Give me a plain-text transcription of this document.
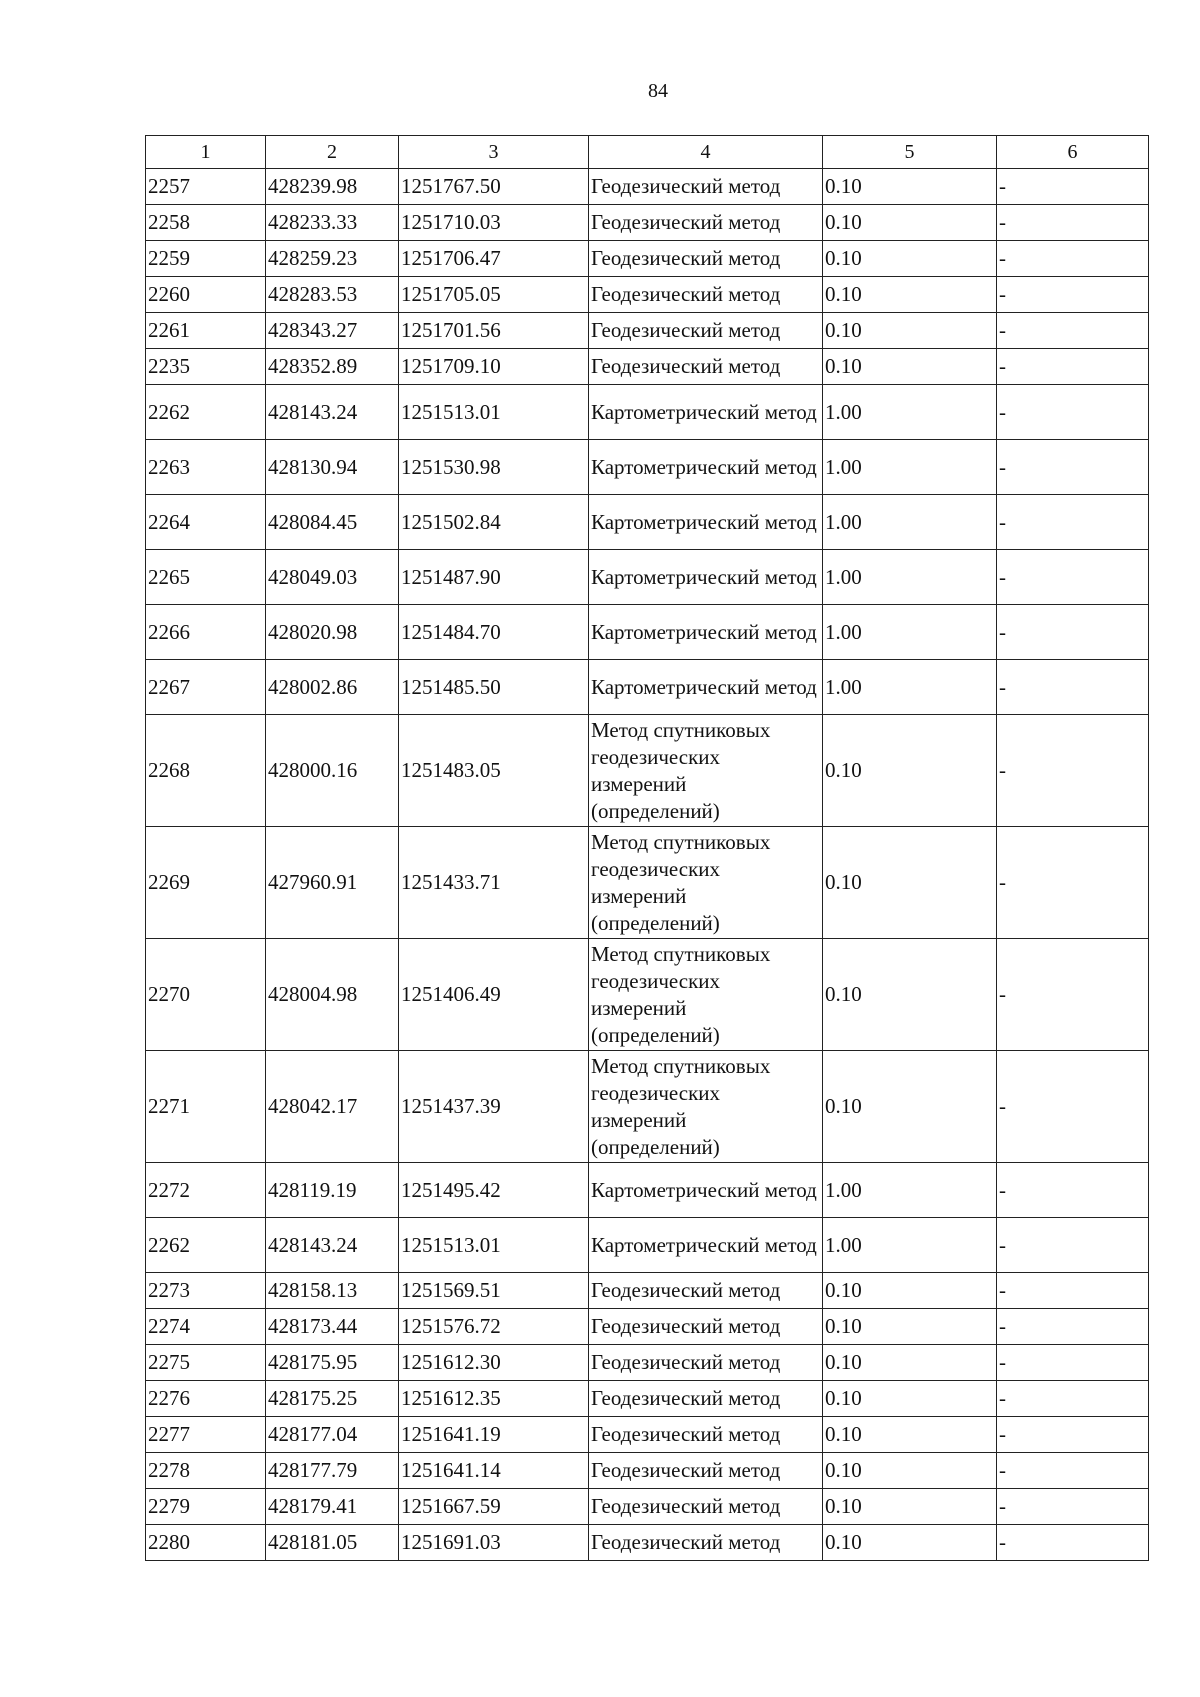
84
1	2	3	4	5	6
2257	428239.98	1251767.50	Геодезический метод	0.10	-
2258	428233.33	1251710.03	Геодезический метод	0.10	-
2259	428259.23	1251706.47	Геодезический метод	0.10	-
2260	428283.53	1251705.05	Геодезический метод	0.10	-
2261	428343.27	1251701.56	Геодезический метод	0.10	-
2235	428352.89	1251709.10	Геодезический метод	0.10	-
2262	428143.24	1251513.01	Картометрический метод	1.00	-
2263	428130.94	1251530.98	Картометрический метод	1.00	-
2264	428084.45	1251502.84	Картометрический метод	1.00	-
2265	428049.03	1251487.90	Картометрический метод	1.00	-
2266	428020.98	1251484.70	Картометрический метод	1.00	-
2267	428002.86	1251485.50	Картометрический метод	1.00	-
2268	428000.16	1251483.05	Метод спутниковых геодезических измерений (определений)	0.10	-
2269	427960.91	1251433.71	Метод спутниковых геодезических измерений (определений)	0.10	-
2270	428004.98	1251406.49	Метод спутниковых геодезических измерений (определений)	0.10	-
2271	428042.17	1251437.39	Метод спутниковых геодезических измерений (определений)	0.10	-
2272	428119.19	1251495.42	Картометрический метод	1.00	-
2262	428143.24	1251513.01	Картометрический метод	1.00	-
2273	428158.13	1251569.51	Геодезический метод	0.10	-
2274	428173.44	1251576.72	Геодезический метод	0.10	-
2275	428175.95	1251612.30	Геодезический метод	0.10	-
2276	428175.25	1251612.35	Геодезический метод	0.10	-
2277	428177.04	1251641.19	Геодезический метод	0.10	-
2278	428177.79	1251641.14	Геодезический метод	0.10	-
2279	428179.41	1251667.59	Геодезический метод	0.10	-
2280	428181.05	1251691.03	Геодезический метод	0.10	-
